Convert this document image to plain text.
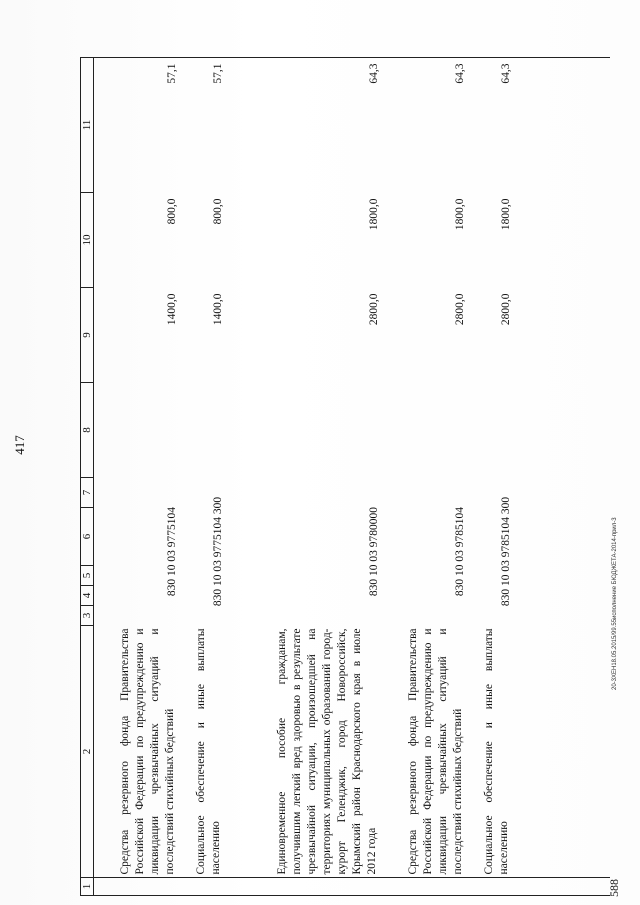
417
1	2	3	4	5	6	7	8	9	10	11
	Средства резервного фонда Правительства Российской Федерации по предупреждению и ликвидации чрезвычайных ситуаций и последствий стихийных бедствий	830 10 03 9775104						1400,0	800,0	57,1
	Социальное обеспечение и иные выплаты населению	830 10 03 9775104 300						1400,0	800,0	57,1
	Единовременное пособие гражданам, получившим легкий вред здоровью в результате чрезвычайной ситуации, произошедшей на территориях муниципальных образований город-курорт Геленджик, город Новороссийск, Крымский район Краснодарского края в июле 2012 года	830 10 03 9780000						2800,0	1800,0	64,3
	Средства резервного фонда Правительства Российской Федерации по предупреждению и ликвидации чрезвычайных ситуаций и последствий стихийных бедствий	830 10 03 9785104						2800,0	1800,0	64,3
	Социальное обеспечение и иные выплаты населению	830 10 03 9785104 300						2800,0	1800,0	64,3
588
20-3ХЕН18.05.2015/99.55исполнение БЮДЖЕТА-2014-прил-3
